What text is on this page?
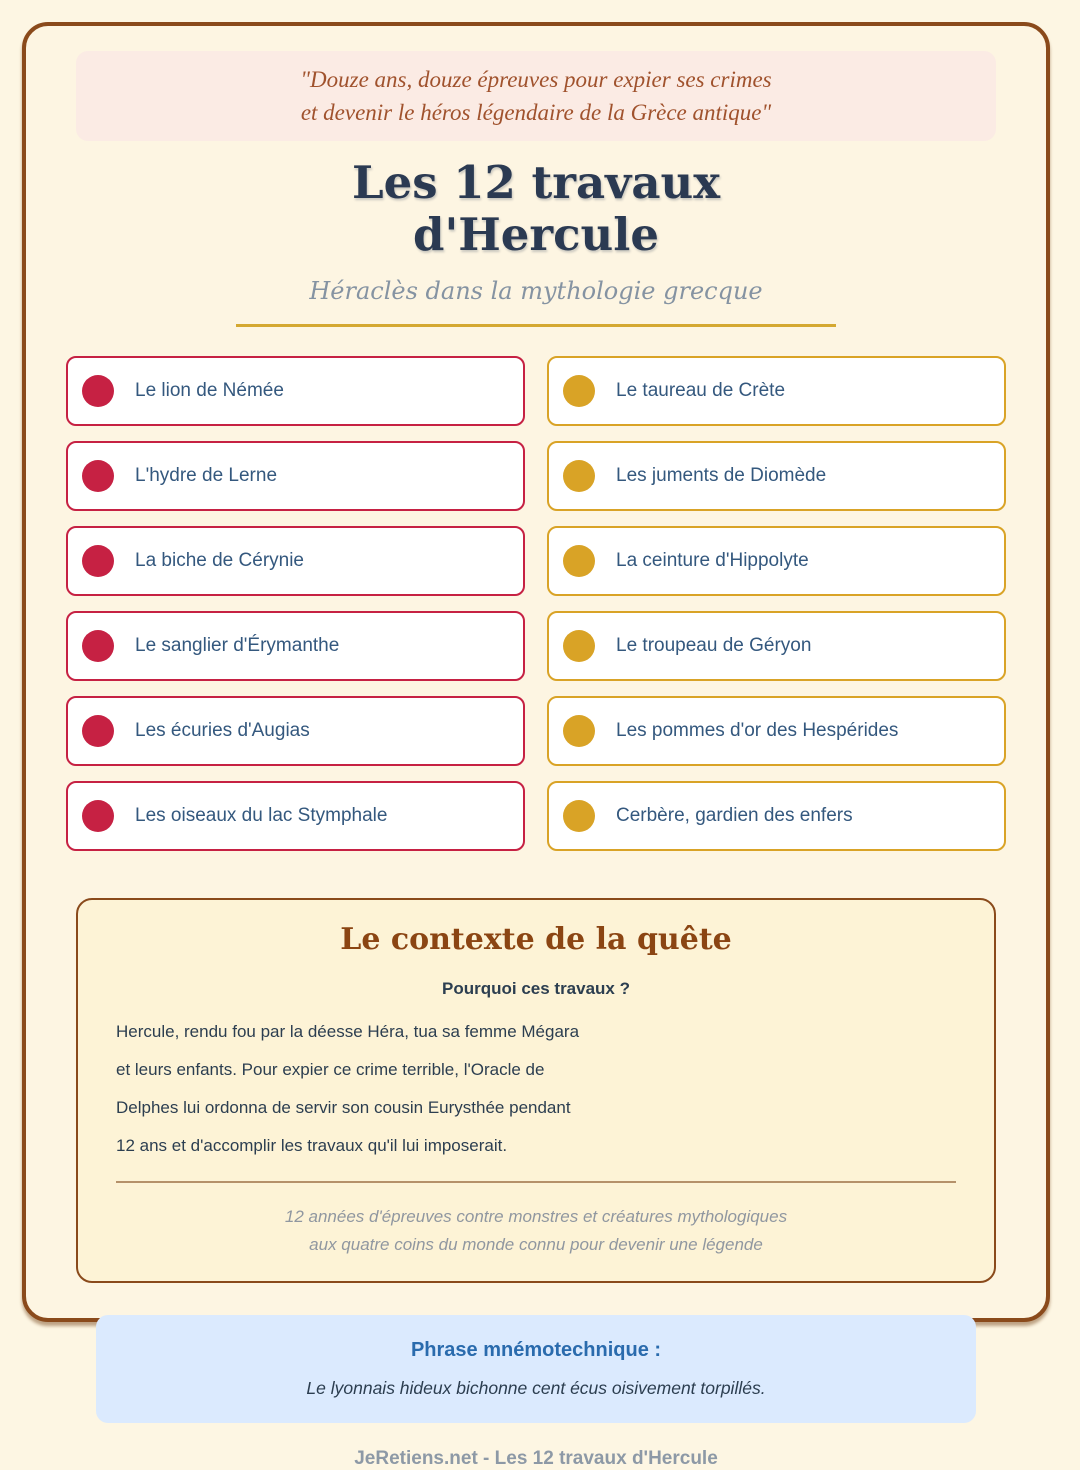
"Douze ans, douze épreuves pour expier ses crimes
et devenir le héros légendaire de la Grèce antique"
Les 12 travaux
d'Hercule
Héraclès dans la mythologie grecque
Le lion de Némée
L'hydre de Lerne
La biche de Cérynie
Le sanglier d'Érymanthe
Les écuries d'Augias
Les oiseaux du lac Stymphale
Le taureau de Crète
Les juments de Diomède
La ceinture d'Hippolyte
Le troupeau de Géryon
Les pommes d'or des Hespérides
Cerbère, gardien des enfers
Le contexte de la quête
Pourquoi ces travaux ?
Hercule, rendu fou par la déesse Héra, tua sa femme Mégara
et leurs enfants. Pour expier ce crime terrible, l'Oracle de
Delphes lui ordonna de servir son cousin Eurysthée pendant
12 ans et d'accomplir les travaux qu'il lui imposerait.
12 années d'épreuves contre monstres et créatures mythologiques
aux quatre coins du monde connu pour devenir une légende
Phrase mnémotechnique :
Le lyonnais hideux bichonne cent écus oisivement torpillés.
JeRetiens.net - Les 12 travaux d'Hercule
